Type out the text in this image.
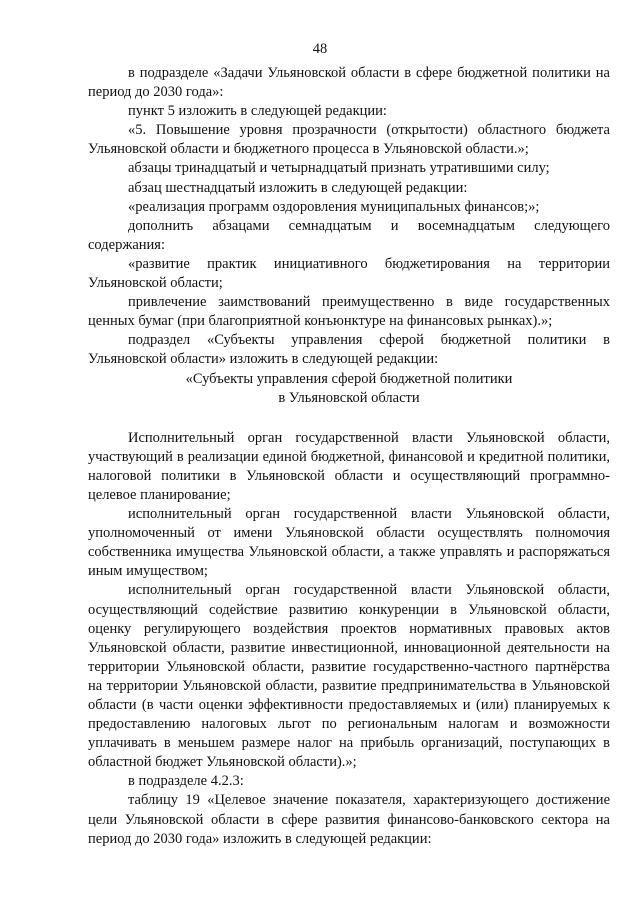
48

в подразделе «Задачи Ульяновской области в сфере бюджетной политики на период до 2030 года»:

пункт 5 изложить в следующей редакции:

«5. Повышение уровня прозрачности (открытости) областного бюджета Ульяновской области и бюджетного процесса в Ульяновской области.»;

абзацы тринадцатый и четырнадцатый признать утратившими силу;

абзац шестнадцатый изложить в следующей редакции:

«реализация программ оздоровления муниципальных финансов;»;

дополнить абзацами семнадцатым и восемнадцатым следующего содержания:

«развитие практик инициативного бюджетирования на территории Ульяновской области;

привлечение заимствований преимущественно в виде государственных ценных бумаг (при благоприятной конъюнктуре на финансовых рынках).»;

подраздел «Субъекты управления сферой бюджетной политики в Ульяновской области» изложить в следующей редакции:

«Субъекты управления сферой бюджетной политики

в Ульяновской области

Исполнительный орган государственной власти Ульяновской области, участвующий в реализации единой бюджетной, финансовой и кредитной политики, налоговой политики в Ульяновской области и осуществляющий программно-целевое планирование;

исполнительный орган государственной власти Ульяновской области, уполномоченный от имени Ульяновской области осуществлять полномочия собственника имущества Ульяновской области, а также управлять и распоряжаться иным имуществом;

исполнительный орган государственной власти Ульяновской области, осуществляющий содействие развитию конкуренции в Ульяновской области, оценку регулирующего воздействия проектов нормативных правовых актов Ульяновской области, развитие инвестиционной, инновационной деятельности на территории Ульяновской области, развитие государственно-частного партнёрства на территории Ульяновской области, развитие предпринимательства в Ульяновской области (в части оценки эффективности предоставляемых и (или) планируемых к предоставлению налоговых льгот по региональным налогам и возможности уплачивать в меньшем размере налог на прибыль организаций, поступающих в областной бюджет Ульяновской области).»;

в подразделе 4.2.3:

таблицу 19 «Целевое значение показателя, характеризующего достижение цели Ульяновской области в сфере развития финансово-банковского сектора на период до 2030 года» изложить в следующей редакции:
